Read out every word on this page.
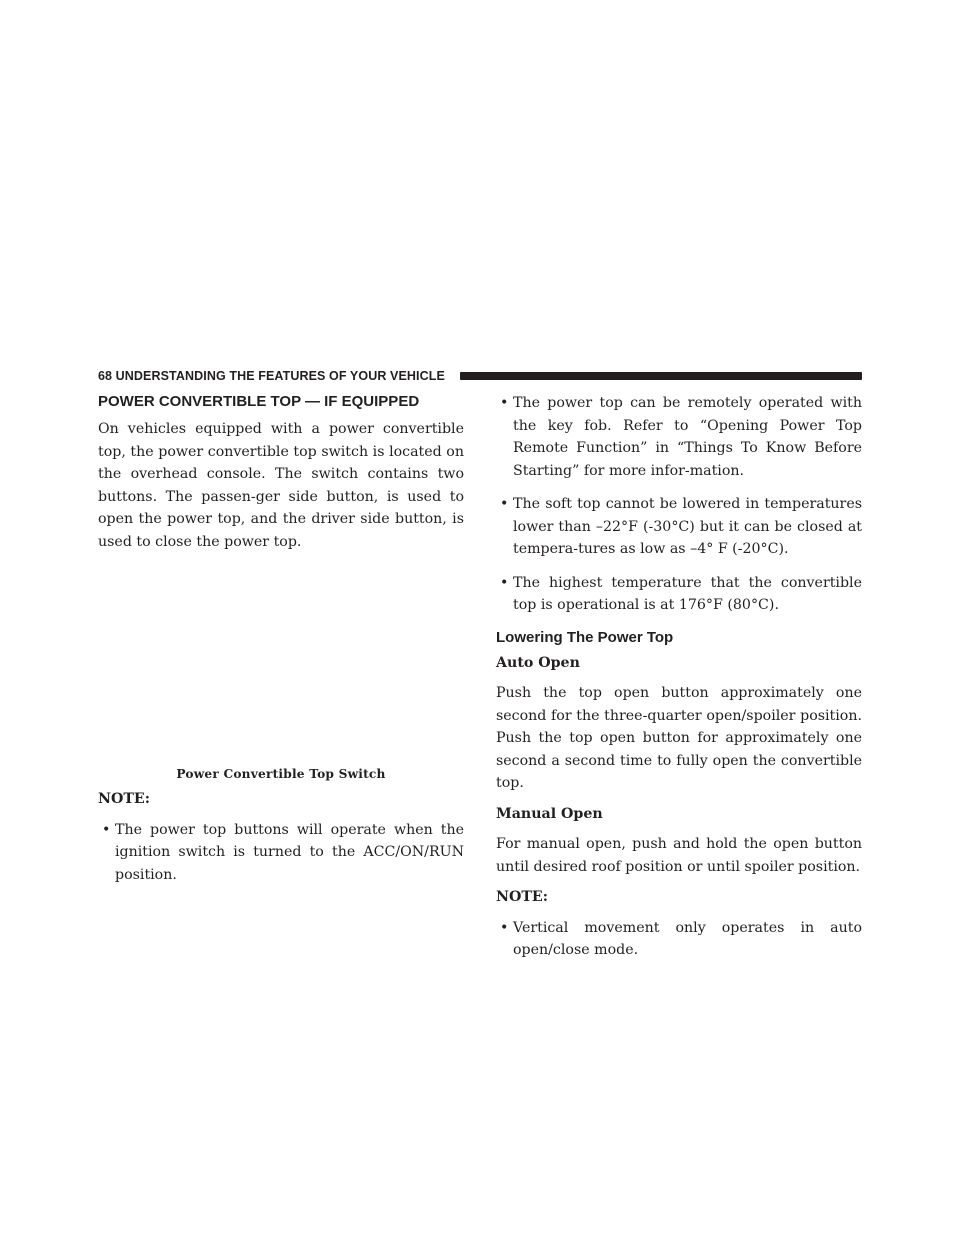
68 UNDERSTANDING THE FEATURES OF YOUR VEHICLE
POWER CONVERTIBLE TOP — IF EQUIPPED

On vehicles equipped with a power convertible top, the power convertible top switch is located on the overhead console. The switch contains two buttons. The passen-ger side button, is used to open the power top, and the driver side button, is used to close the power top.

Power Convertible Top Switch
NOTE:
• The power top buttons will operate when the ignition switch is turned to the ACC/ON/RUN position.
• The power top can be remotely operated with the key fob. Refer to “Opening Power Top Remote Function” in “Things To Know Before Starting” for more infor-mation.
• The soft top cannot be lowered in temperatures lower than –22°F (-30°C) but it can be closed at tempera-tures as low as –4° F (-20°C).
• The highest temperature that the convertible top is operational is at 176°F (80°C).
Lowering The Power Top
Auto Open

Push the top open button approximately one second for the three-quarter open/spoiler position. Push the top open button for approximately one second a second time to fully open the convertible top.

Manual Open

For manual open, push and hold the open button until desired roof position or until spoiler position.

NOTE:
• Vertical movement only operates in auto open/close mode.
